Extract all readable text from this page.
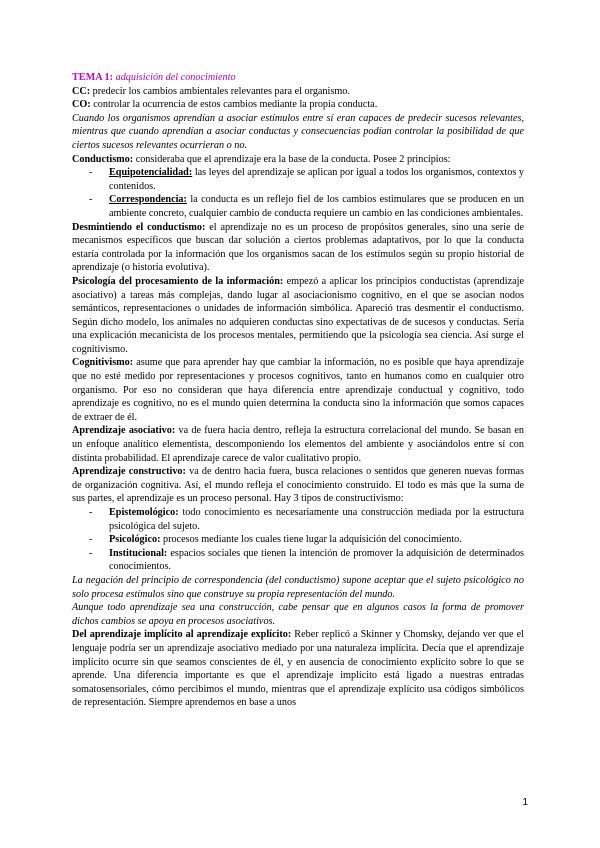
TEMA 1: adquisición del conocimiento

CC: predecir los cambios ambientales relevantes para el organismo.

CO: controlar la ocurrencia de estos cambios mediante la propia conducta.

Cuando los organismos aprendían a asociar estímulos entre sí eran capaces de predecir sucesos relevantes, mientras que cuando aprendían a asociar conductas y consecuencias podían controlar la posibilidad de que ciertos sucesos relevantes ocurrieran o no.

Conductismo: consideraba que el aprendizaje era la base de la conducta. Posee 2 principios:

- Equipotencialidad: las leyes del aprendizaje se aplican por igual a todos los organismos, contextos y contenidos.
- Correspondencia: la conducta es un reflejo fiel de los cambios estimulares que se producen en un ambiente concreto, cualquier cambio de conducta requiere un cambio en las condiciones ambientales.

Desmintiendo el conductismo: el aprendizaje no es un proceso de propósitos generales, sino una serie de mecanismos específicos que buscan dar solución a ciertos problemas adaptativos, por lo que la conducta estaría controlada por la información que los organismos sacan de los estímulos según su propio historial de aprendizaje (o historia evolutiva).

Psicología del procesamiento de la información: empezó a aplicar los principios conductistas (aprendizaje asociativo) a tareas más complejas, dando lugar al asociacionismo cognitivo, en el que se asocian nodos semánticos, representaciones o unidades de información simbólica. Apareció tras desmentir el conductismo. Según dicho modelo, los animales no adquieren conductas sino expectativas de de sucesos y conductas. Sería una explicación mecanicista de los procesos mentales, permitiendo que la psicología sea ciencia. Así surge el cognitivismo.

Cognitivismo: asume que para aprender hay que cambiar la información, no es posible que haya aprendizaje que no esté medido por representaciones y procesos cognitivos, tanto en humanos como en cualquier otro organismo. Por eso no consideran que haya diferencia entre aprendizaje conductual y cognitivo, todo aprendizaje es cognitivo, no es el mundo quien determina la conducta sino la información que somos capaces de extraer de él.

Aprendizaje asociativo: va de fuera hacia dentro, refleja la estructura correlacional del mundo. Se basan en un enfoque analítico elementista, descomponiendo los elementos del ambiente y asociándolos entre sí con distinta probabilidad. El aprendizaje carece de valor cualitativo propio.

Aprendizaje constructivo: va de dentro hacia fuera, busca relaciones o sentidos que generen nuevas formas de organización cognitiva. Así, el mundo refleja el conocimiento construido. El todo es más que la suma de sus partes, el aprendizaje es un proceso personal. Hay 3 tipos de constructivismo:

- Epistemológico: todo conocimiento es necesariamente una construcción mediada por la estructura psicológica del sujeto.
- Psicológico: procesos mediante los cuales tiene lugar la adquisición del conocimiento.
- Institucional: espacios sociales que tienen la intención de promover la adquisición de determinados conocimientos.

La negación del principio de correspondencia (del conductismo) supone aceptar que el sujeto psicológico no solo procesa estímulos sino que construye su propia representación del mundo.

Aunque todo aprendizaje sea una construcción, cabe pensar que en algunos casos la forma de promover dichos cambios se apoya en procesos asociativos.

Del aprendizaje implícito al aprendizaje explícito: Reber replicó a Skinner y Chomsky, dejando ver que el lenguaje podría ser un aprendizaje asociativo mediado por una naturaleza implícita. Decía que el aprendizaje implícito ocurre sin que seamos conscientes de él, y en ausencia de conocimiento explícito sobre lo que se aprende. Una diferencia importante es que el aprendizaje implícito está ligado a nuestras entradas somatosensoriales, cómo percibimos el mundo, mientras que el aprendizaje explícito usa códigos simbólicos de representación. Siempre aprendemos en base a unos

1
